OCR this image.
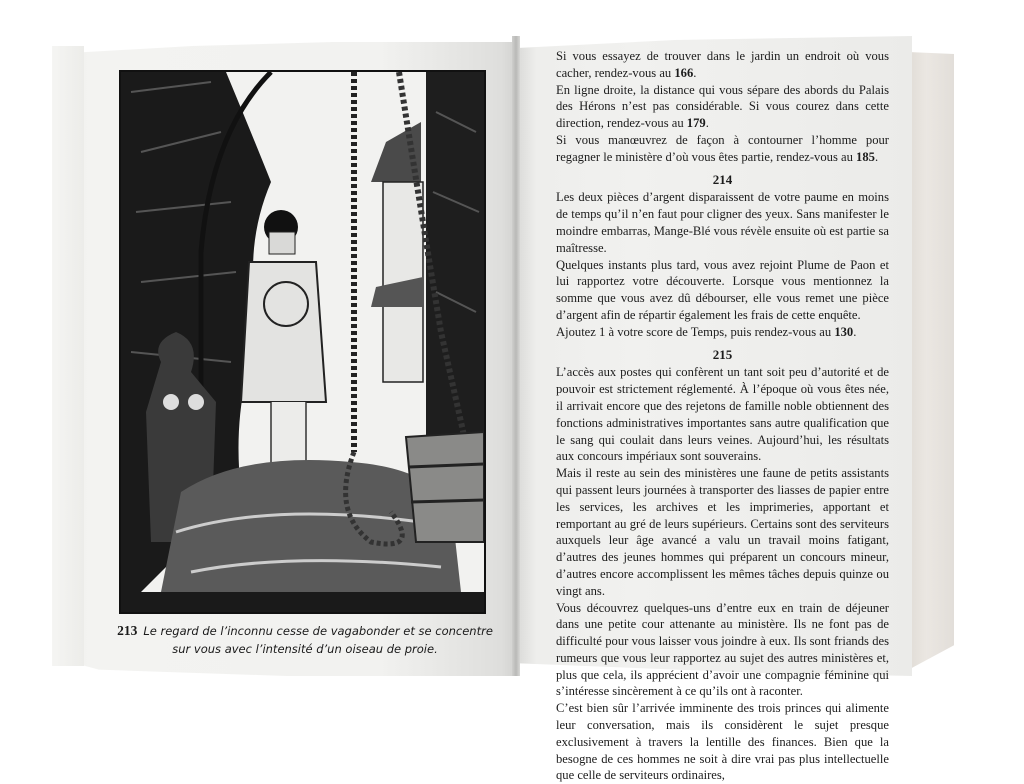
213 Le regard de l’inconnu cesse de vagabonder et se concentre sur vous avec l’intensité d’un oiseau de proie.

Si vous essayez de trouver dans le jardin un endroit où vous cacher, rendez-vous au 166.

En ligne droite, la distance qui vous sépare des abords du Palais des Hérons n’est pas considérable. Si vous courez dans cette direction, rendez-vous au 179.

Si vous manœuvrez de façon à contourner l’homme pour regagner le ministère d’où vous êtes partie, rendez-vous au 185.

214

Les deux pièces d’argent disparaissent de votre paume en moins de temps qu’il n’en faut pour cligner des yeux. Sans manifester le moindre embarras, Mange-Blé vous révèle ensuite où est partie sa maîtresse.

Quelques instants plus tard, vous avez rejoint Plume de Paon et lui rapportez votre découverte. Lorsque vous mentionnez la somme que vous avez dû débourser, elle vous remet une pièce d’argent afin de répartir également les frais de cette enquête.

Ajoutez 1 à votre score de Temps, puis rendez-vous au 130.

215

L’accès aux postes qui confèrent un tant soit peu d’autorité et de pouvoir est strictement réglementé. À l’époque où vous êtes née, il arrivait encore que des rejetons de famille noble obtiennent des fonctions administratives importantes sans autre qualification que le sang qui coulait dans leurs veines. Aujourd’hui, les résultats aux concours impériaux sont souverains.

Mais il reste au sein des ministères une faune de petits assistants qui passent leurs journées à transporter des liasses de papier entre les services, les archives et les imprimeries, apportant et remportant au gré de leurs supérieurs. Certains sont des serviteurs auxquels leur âge avancé a valu un travail moins fatigant, d’autres des jeunes hommes qui préparent un concours mineur, d’autres encore accomplissent les mêmes tâches depuis quinze ou vingt ans.

Vous découvrez quelques-uns d’entre eux en train de déjeuner dans une petite cour attenante au ministère. Ils ne font pas de difficulté pour vous laisser vous joindre à eux. Ils sont friands des rumeurs que vous leur rapportez au sujet des autres ministères et, plus que cela, ils apprécient d’avoir une compagnie féminine qui s’intéresse sincèrement à ce qu’ils ont à raconter.

C’est bien sûr l’arrivée imminente des trois princes qui alimente leur conversation, mais ils considèrent le sujet presque exclusivement à travers la lentille des finances. Bien que la besogne de ces hommes ne soit à dire vrai pas plus intellectuelle que celle de serviteurs ordinaires,
